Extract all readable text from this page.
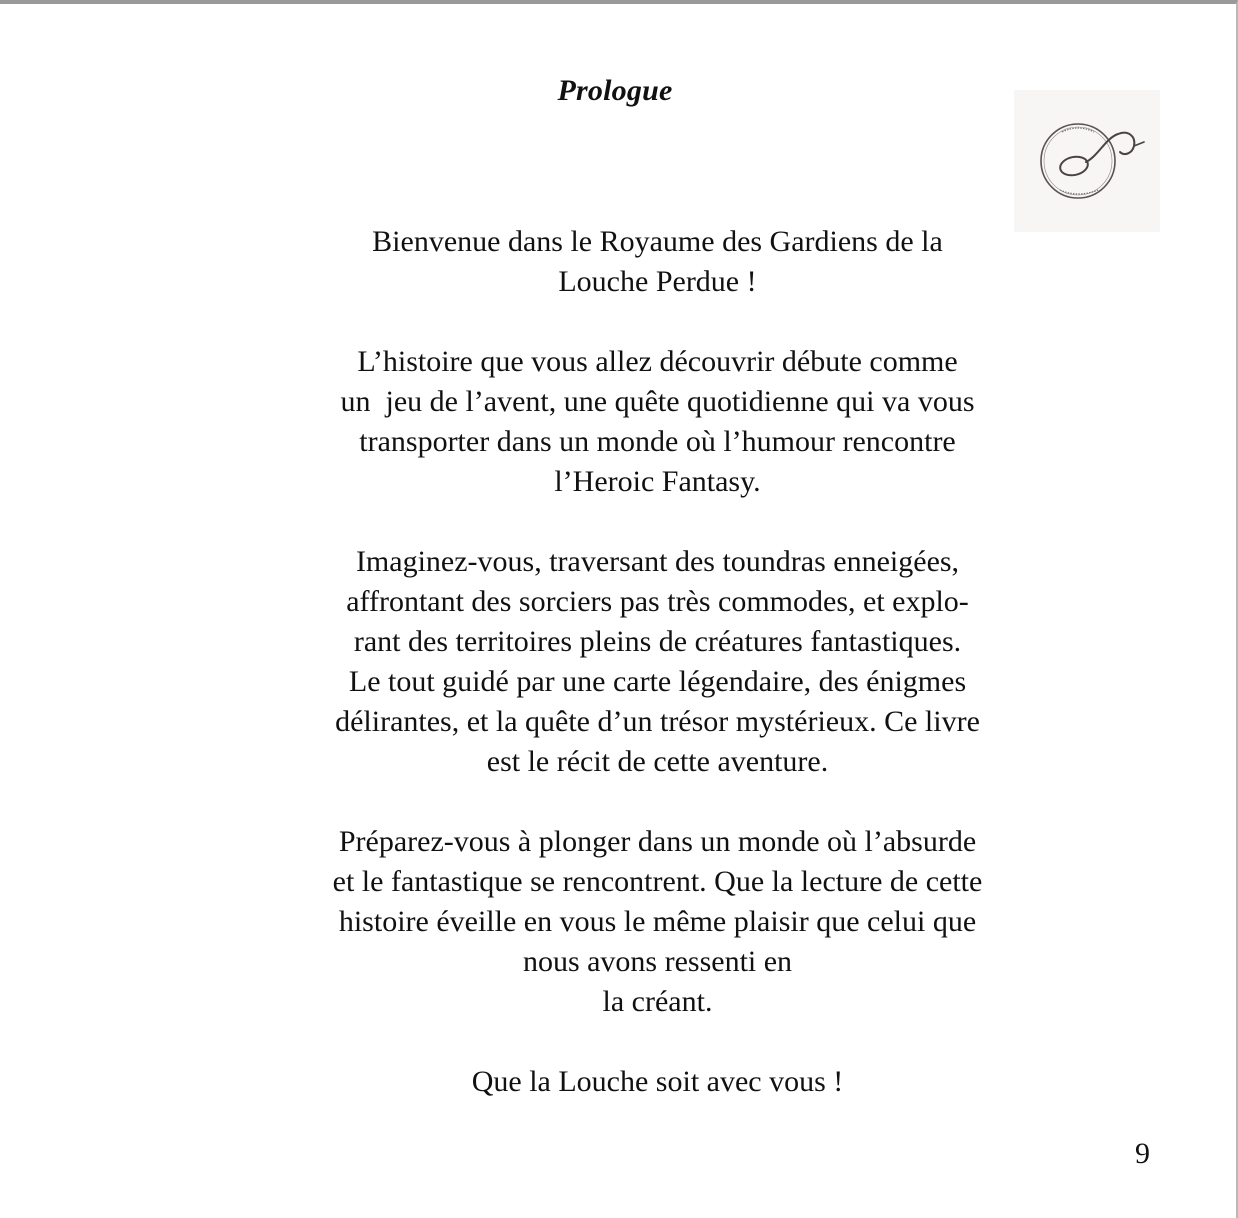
Prologue

Bienvenue dans le Royaume des Gardiens de la
Louche Perdue !

L’histoire que vous allez découvrir débute comme
un  jeu de l’avent, une quête quotidienne qui va vous
transporter dans un monde où l’humour rencontre
l’Heroic Fantasy.

Imaginez-vous, traversant des toundras enneigées,
affrontant des sorciers pas très commodes, et explo-
rant des territoires pleins de créatures fantastiques.
Le tout guidé par une carte légendaire, des énigmes
délirantes, et la quête d’un trésor mystérieux. Ce livre
est le récit de cette aventure.

Préparez-vous à plonger dans un monde où l’absurde
et le fantastique se rencontrent. Que la lecture de cette
histoire éveille en vous le même plaisir que celui que
nous avons ressenti en
la créant.

Que la Louche soit avec vous !

9
